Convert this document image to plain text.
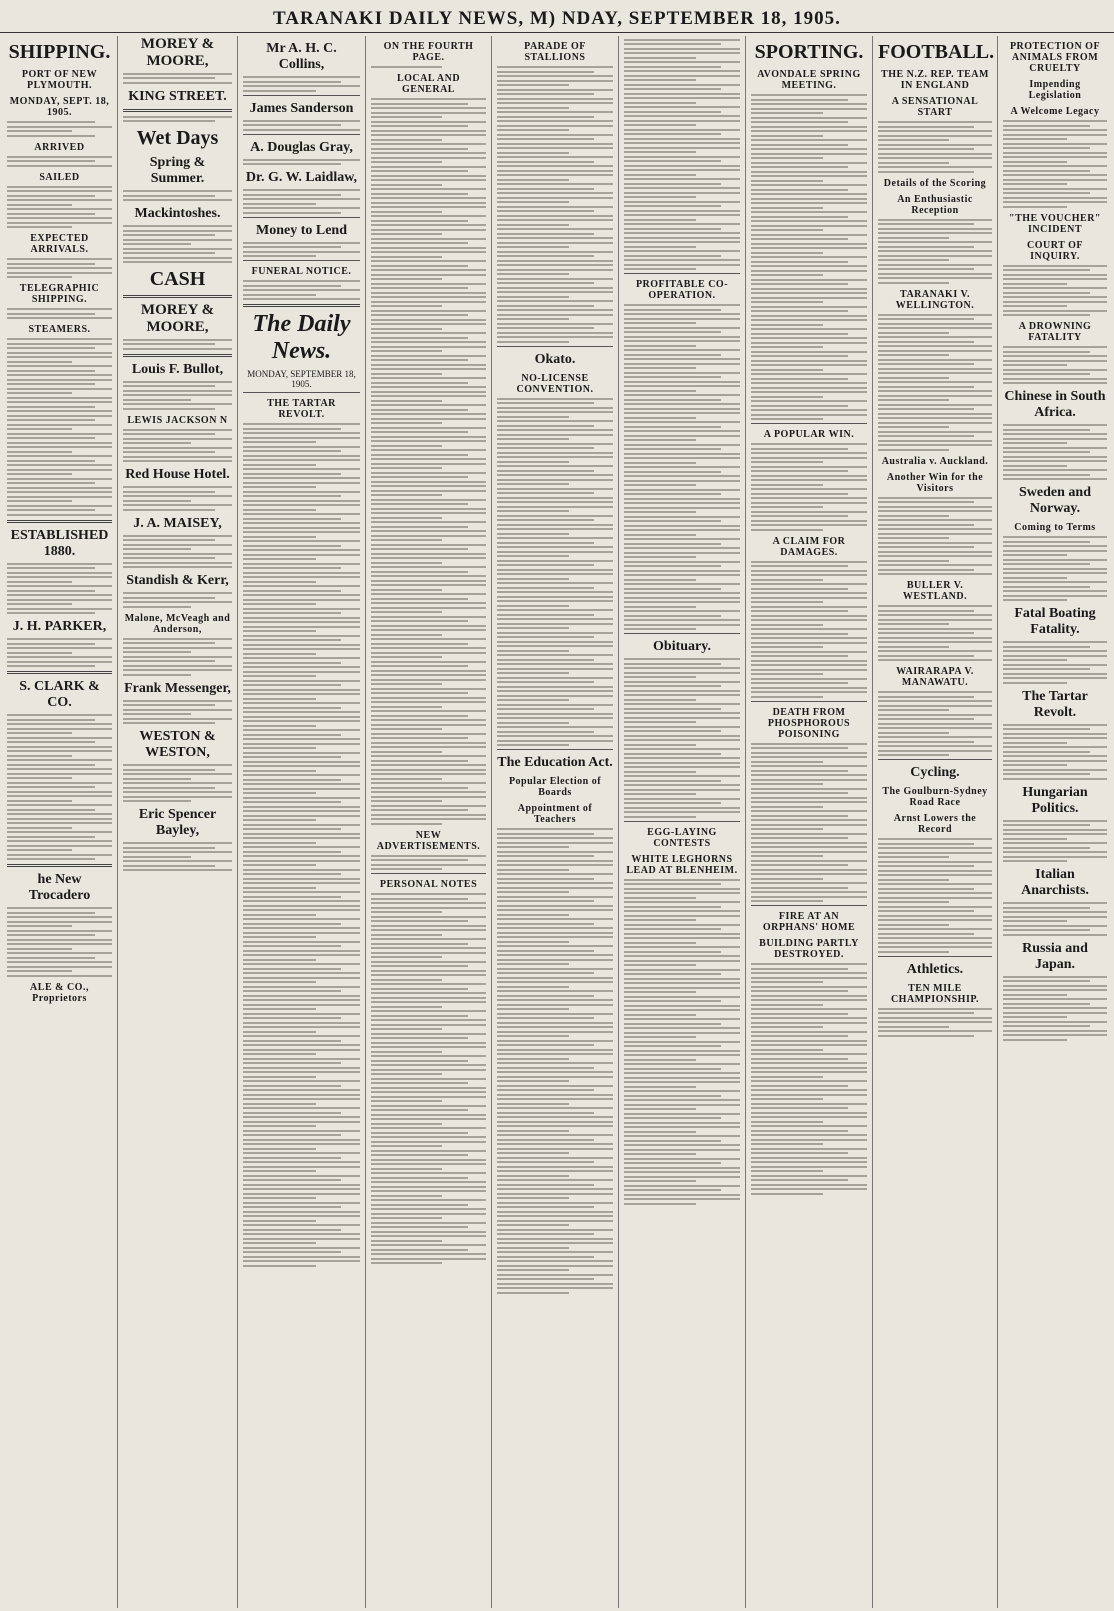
TARANAKI DAILY NEWS, M) NDAY, SEPTEMBER 18, 1905.
SHIPPING.
PORT OF NEW PLYMOUTH.
MONDAY, SEPT. 18, 1905.
ARRIVED
SAILED
EXPECTED ARRIVALS.
TELEGRAPHIC SHIPPING.
STEAMERS.
ESTABLISHED 1880.
J. H. PARKER,
S. CLARK & CO.
he New Trocadero
ALE & CO., Proprietors
MOREY & MOORE,
KING STREET.
Wet Days
Spring & Summer.
Mackintoshes.
CASH
MOREY & MOORE,
Louis F. Bullot,
LEWIS JACKSON N
Red House Hotel.
J. A. MAISEY,
Standish & Kerr,
Malone, McVeagh and Anderson,
Frank Messenger,
WESTON & WESTON,
Eric Spencer Bayley,
Mr A. H. C. Collins,
James Sanderson
A. Douglas Gray,
Dr. G. W. Laidlaw,
Money to Lend
FUNERAL NOTICE.
The Daily News.
MONDAY, SEPTEMBER 18, 1905.
THE TARTAR REVOLT.
ON THE FOURTH PAGE.
LOCAL AND GENERAL
NEW ADVERTISEMENTS.
PERSONAL NOTES
PARADE OF STALLIONS
Okato.
NO-LICENSE CONVENTION.
The Education Act.
Popular Election of Boards
Appointment of Teachers
PROFITABLE CO-OPERATION.
Obituary.
EGG-LAYING CONTESTS
WHITE LEGHORNS LEAD AT BLENHEIM.
SPORTING.
AVONDALE SPRING MEETING.
A POPULAR WIN.
A CLAIM FOR DAMAGES.
DEATH FROM PHOSPHOROUS POISONING
FIRE AT AN ORPHANS' HOME
BUILDING PARTLY DESTROYED.
FOOTBALL.
THE N.Z. REP. TEAM IN ENGLAND
A SENSATIONAL START
Details of the Scoring
An Enthusiastic Reception
TARANAKI V. WELLINGTON.
Australia v. Auckland.
Another Win for the Visitors
BULLER V. WESTLAND.
WAIRARAPA V. MANAWATU.
Cycling.
The Goulburn-Sydney Road Race
Arnst Lowers the Record
Athletics.
TEN MILE CHAMPIONSHIP.
PROTECTION OF ANIMALS FROM CRUELTY
Impending Legislation
A Welcome Legacy
"THE VOUCHER" INCIDENT
COURT OF INQUIRY.
A DROWNING FATALITY
Chinese in South Africa.
Sweden and Norway.
Coming to Terms
Fatal Boating Fatality.
The Tartar Revolt.
Hungarian Politics.
Italian Anarchists.
Russia and Japan.
